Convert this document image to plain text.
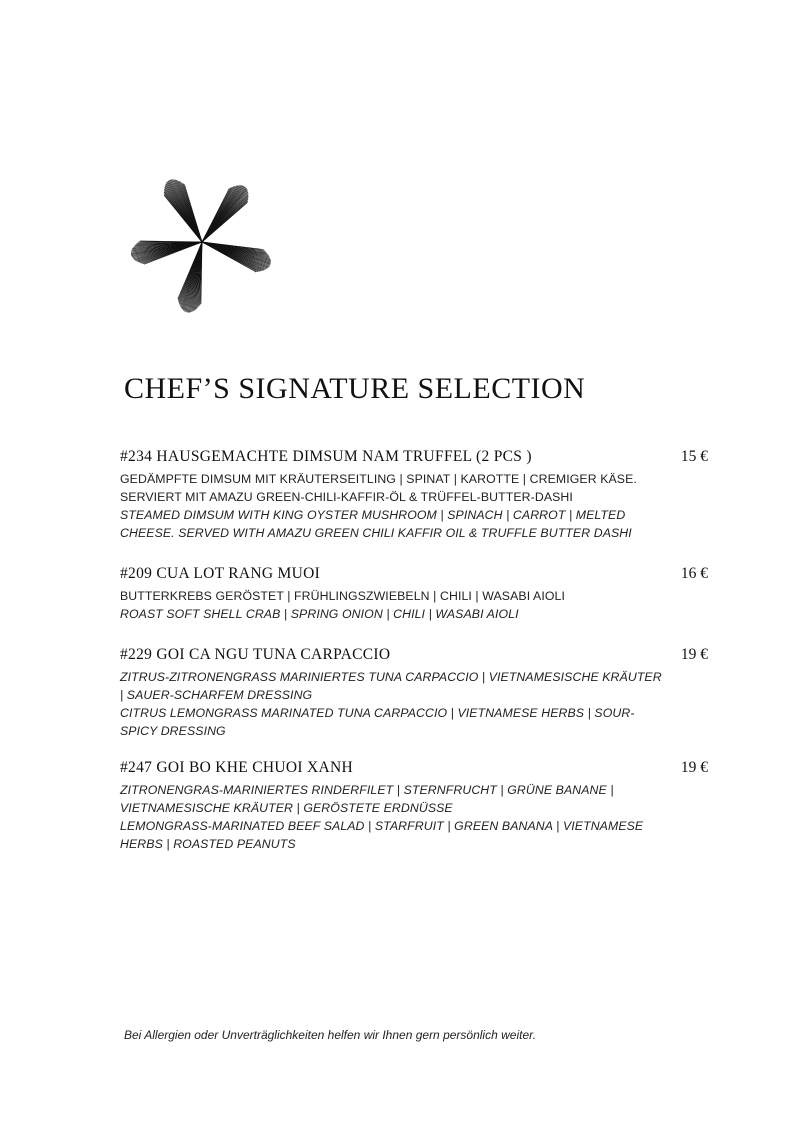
CHEF’S SIGNATURE SELECTION
#234 HAUSGEMACHTE DIMSUM NAM TRUFFEL (2 PCS )	15 €
GEDÄMPFTE DIMSUM MIT KRÄUTERSEITLING | SPINAT | KAROTTE | CREMIGER KÄSE. SERVIERT MIT AMAZU GREEN-CHILI-KAFFIR-ÖL & TRÜFFEL-BUTTER-DASHI
STEAMED DIMSUM WITH KING OYSTER MUSHROOM | SPINACH | CARROT | MELTED CHEESE. SERVED WITH AMAZU GREEN CHILI KAFFIR OIL & TRUFFLE BUTTER DASHI
#209 CUA LOT RANG MUOI	16 €
BUTTERKREBS GERÖSTET | FRÜHLINGSZWIEBELN | CHILI | WASABI AIOLI
ROAST SOFT SHELL CRAB | SPRING ONION | CHILI | WASABI AIOLI
#229 GOI CA NGU TUNA CARPACCIO	19 €
ZITRUS-ZITRONENGRASS MARINIERTES TUNA CARPACCIO | VIETNAMESISCHE KRÄUTER | SAUER-SCHARFEM DRESSING
CITRUS LEMONGRASS MARINATED TUNA CARPACCIO | VIETNAMESE HERBS | SOUR-SPICY DRESSING
#247 GOI BO KHE CHUOI XANH	19 €
ZITRONENGRAS-MARINIERTES RINDERFILET | STERNFRUCHT | GRÜNE BANANE | VIETNAMESISCHE KRÄUTER | GERÖSTETE ERDNÜSSE
LEMONGRASS-MARINATED BEEF SALAD | STARFRUIT | GREEN BANANA | VIETNAMESE HERBS | ROASTED PEANUTS
Bei Allergien oder Unverträglichkeiten helfen wir Ihnen gern persönlich weiter.
